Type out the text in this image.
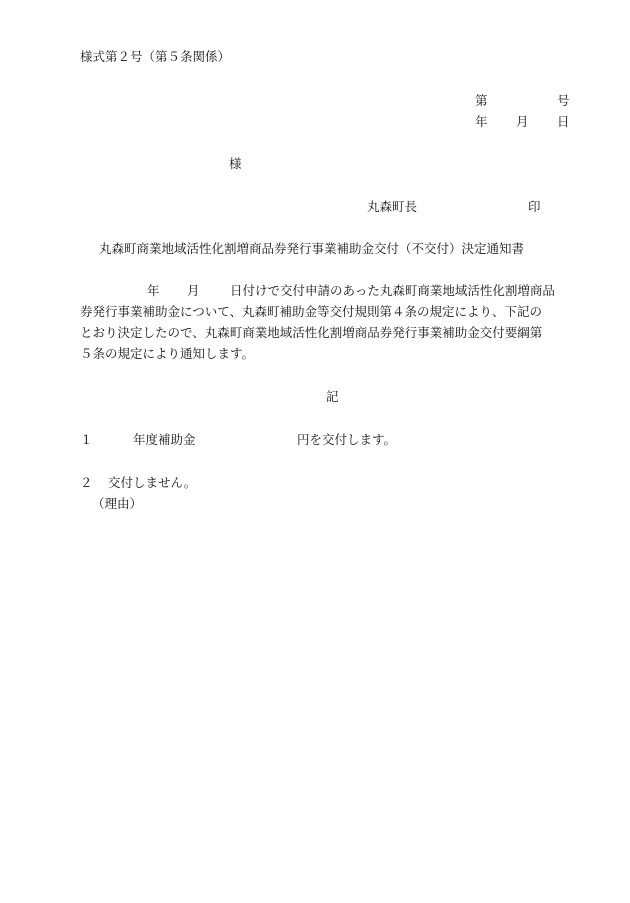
様式第２号（第５条関係）
第	号
年 月 日
様
丸森町長	印
丸森町商業地域活性化割増商品券発行事業補助金交付（不交付）決定通知書
年 月 日付けで交付申請のあった丸森町商業地域活性化割増商品
券発行事業補助金について、丸森町補助金等交付規則第４条の規定により、下記の
とおり決定したので、丸森町商業地域活性化割増商品券発行事業補助金交付要綱第
５条の規定により通知します。
記
１	年度補助金	円を交付します。
２ 交付しません。
（理由）
